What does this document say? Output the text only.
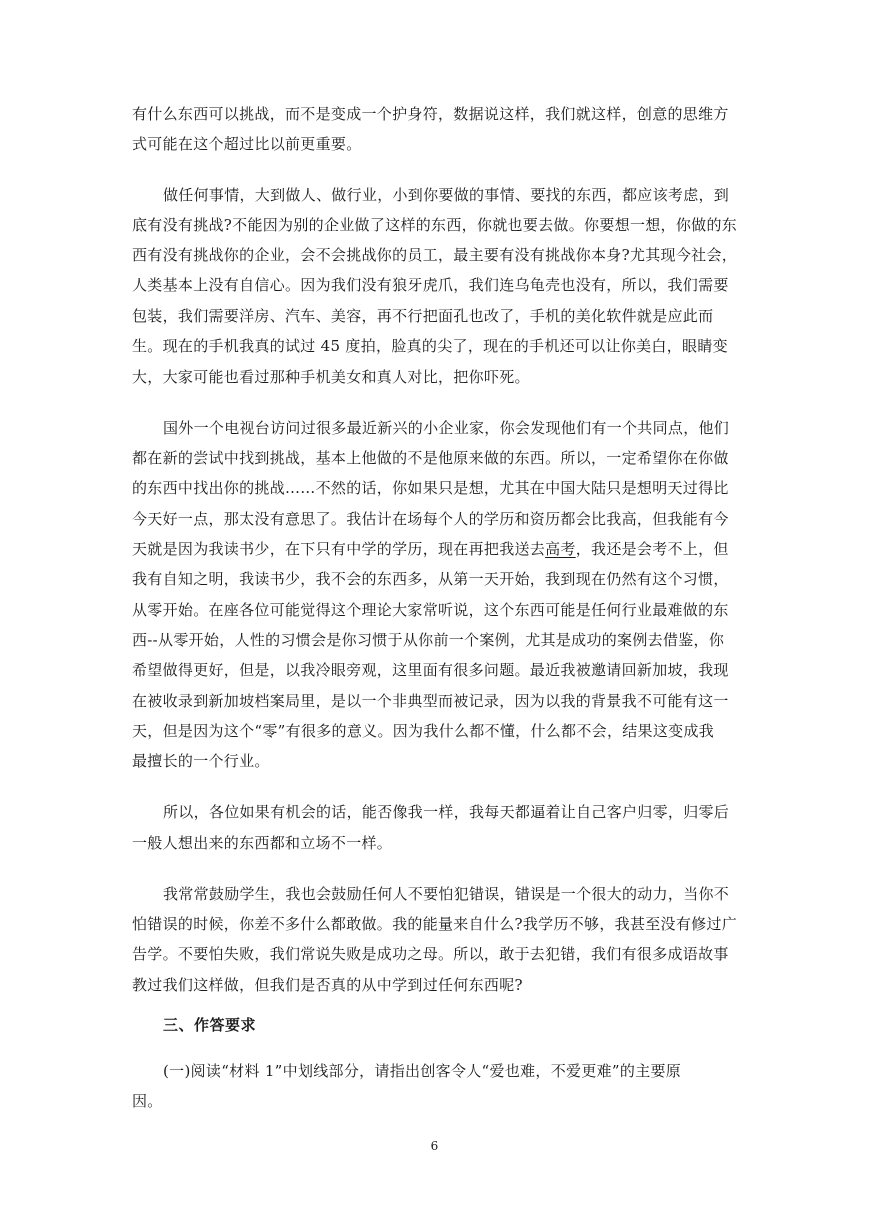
有什么东西可以挑战，而不是变成一个护身符，数据说这样，我们就这样，创意的思维方
式可能在这个超过比以前更重要。
做任何事情，大到做人、做行业，小到你要做的事情、要找的东西，都应该考虑，到
底有没有挑战?不能因为别的企业做了这样的东西，你就也要去做。你要想一想，你做的东
西有没有挑战你的企业，会不会挑战你的员工，最主要有没有挑战你本身?尤其现今社会，
人类基本上没有自信心。因为我们没有狼牙虎爪，我们连乌龟壳也没有，所以，我们需要
包装，我们需要洋房、汽车、美容，再不行把面孔也改了，手机的美化软件就是应此而
生。现在的手机我真的试过 45 度拍，脸真的尖了，现在的手机还可以让你美白，眼睛变
大，大家可能也看过那种手机美女和真人对比，把你吓死。
国外一个电视台访问过很多最近新兴的小企业家，你会发现他们有一个共同点，他们
都在新的尝试中找到挑战，基本上他做的不是他原来做的东西。所以，一定希望你在你做
的东西中找出你的挑战……不然的话，你如果只是想，尤其在中国大陆只是想明天过得比
今天好一点，那太没有意思了。我估计在场每个人的学历和资历都会比我高，但我能有今
天就是因为我读书少，在下只有中学的学历，现在再把我送去高考，我还是会考不上，但
我有自知之明，我读书少，我不会的东西多，从第一天开始，我到现在仍然有这个习惯，
从零开始。在座各位可能觉得这个理论大家常听说，这个东西可能是任何行业最难做的东
西--从零开始，人性的习惯会是你习惯于从你前一个案例，尤其是成功的案例去借鉴，你
希望做得更好，但是，以我冷眼旁观，这里面有很多问题。最近我被邀请回新加坡，我现
在被收录到新加坡档案局里，是以一个非典型而被记录，因为以我的背景我不可能有这一
天，但是因为这个“零”有很多的意义。因为我什么都不懂，什么都不会，结果这变成我
最擅长的一个行业。
所以，各位如果有机会的话，能否像我一样，我每天都逼着让自己客户归零，归零后
一般人想出来的东西都和立场不一样。
我常常鼓励学生，我也会鼓励任何人不要怕犯错误，错误是一个很大的动力，当你不
怕错误的时候，你差不多什么都敢做。我的能量来自什么?我学历不够，我甚至没有修过广
告学。不要怕失败，我们常说失败是成功之母。所以，敢于去犯错，我们有很多成语故事
教过我们这样做，但我们是否真的从中学到过任何东西呢?
三、作答要求
(一)阅读“材料 1”中划线部分，请指出创客令人“爱也难，不爱更难”的主要原
因。
6
